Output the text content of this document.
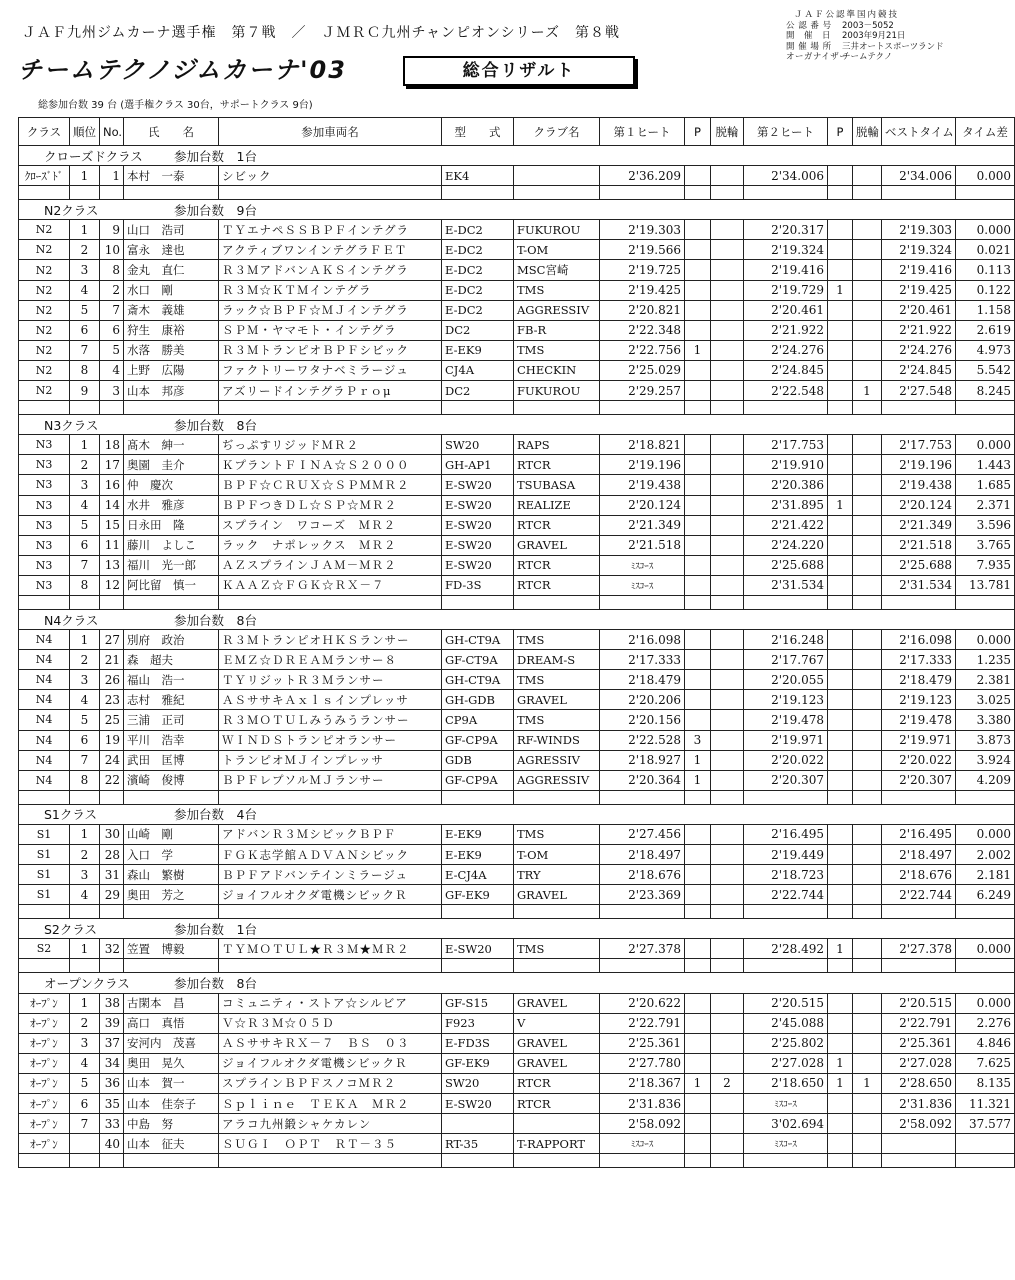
ＪＡＦ九州ジムカーナ選手権　第７戦　／　ＪＭＲＣ九州チャンピオンシリーズ　第８戦
チームテクノジムカーナ'03	総合リザルト
ＪＡＦ公認準国内競技
公 認 番 号	2003－5052
開　催　日	2003年9月21日
開 催 場 所	三井オートスポーツランド
オーガナイザー
チームテクノ
総参加台数 39 台 (選手権クラス 30台，サポートクラス 9台)
クラス	順位	No.	氏　　名	参加車両名	型　　式	クラブ名	第１ヒート	P	脱輪	第２ヒート	P	脱輪	ベストタイム	タイム差
クローズドクラス 参加台数　1台														
ｸﾛｰｽﾞﾄﾞ	1	1	本村　一泰	シビック	EK4		2'36.209			2'34.006			2'34.006	0.000

N2クラス 参加台数　9台														
N2	1	9	山口　浩司	ＴＹエナペＳＳＢＰＦインテグラ	E-DC2	FUKUROU	2'19.303			2'20.317			2'19.303	0.000
N2	2	10	富永　達也	アクティブワンインテグラＦＥＴ	E-DC2	T-OM	2'19.566			2'19.324			2'19.324	0.021
N2	3	8	金丸　直仁	Ｒ３ＭアドバンＡＫＳインテグラ	E-DC2	MSC宮崎	2'19.725			2'19.416			2'19.416	0.113
N2	4	2	水口　剛	Ｒ３Ｍ☆ＫＴＭインテグラ	E-DC2	TMS	2'19.425			2'19.729	1		2'19.425	0.122
N2	5	7	斎木　義雄	ラック☆ＢＰＦ☆ＭＪインテグラ	E-DC2	AGGRESSIV	2'20.821			2'20.461			2'20.461	1.158
N2	6	6	狩生　康裕	ＳＰＭ・ヤマモト・インテグラ	DC2	FB-R	2'22.348			2'21.922			2'21.922	2.619
N2	7	5	水落　勝美	Ｒ３ＭトランピオＢＰＦシビック	E-EK9	TMS	2'22.756	1		2'24.276			2'24.276	4.973
N2	8	4	上野　広陽	ファクトリーワタナベミラージュ	CJ4A	CHECKIN	2'25.029			2'24.845			2'24.845	5.542
N2	9	3	山本　邦彦	アズリードインテグラＰｒｏμ	DC2	FUKUROU	2'29.257			2'22.548		1	2'27.548	8.245

N3クラス 参加台数　8台														
N3	1	18	髙木　紳一	ぢっぷすリジッドＭＲ２	SW20	RAPS	2'18.821			2'17.753			2'17.753	0.000
N3	2	17	奥園　圭介	ＫプラントＦＩＮＡ☆Ｓ２０００	GH-AP1	RTCR	2'19.196			2'19.910			2'19.196	1.443
N3	3	16	仲　慶次	ＢＰＦ☆ＣＲＵＸ☆ＳＰＭＭＲ２	E-SW20	TSUBASA	2'19.438			2'20.386			2'19.438	1.685
N3	4	14	水井　雅彦	ＢＰＦつきＤＬ☆ＳＰ☆ＭＲ２	E-SW20	REALIZE	2'20.124			2'31.895	1		2'20.124	2.371
N3	5	15	日永田　隆	スプライン　ワコーズ　ＭＲ２	E-SW20	RTCR	2'21.349			2'21.422			2'21.349	3.596
N3	6	11	藤川　よしこ	ラック　ナポレックス　ＭＲ２	E-SW20	GRAVEL	2'21.518			2'24.220			2'21.518	3.765
N3	7	13	福川　光一郎	ＡＺスプラインＪＡＭ－ＭＲ２	E-SW20	RTCR	ﾐｽｺｰｽ			2'25.688			2'25.688	7.935
N3	8	12	阿比留　慎一	ＫＡＡＺ☆ＦＧＫ☆ＲＸ－７	FD-3S	RTCR	ﾐｽｺｰｽ			2'31.534			2'31.534	13.781

N4クラス 参加台数　8台														
N4	1	27	別府　政治	Ｒ３ＭトランピオＨＫＳランサー	GH-CT9A	TMS	2'16.098			2'16.248			2'16.098	0.000
N4	2	21	森　超夫	ＥＭＺ☆ＤＲＥＡＭランサー８	GF-CT9A	DREAM-S	2'17.333			2'17.767			2'17.333	1.235
N4	3	26	福山　浩一	ＴＹリジットＲ３Ｍランサー	GH-CT9A	TMS	2'18.479			2'20.055			2'18.479	2.381
N4	4	23	志村　雅紀	ＡＳササキＡｘｌｓインプレッサ	GH-GDB	GRAVEL	2'20.206			2'19.123			2'19.123	3.025
N4	5	25	三浦　正司	Ｒ３ＭＯＴＵＬみうみうランサー	CP9A	TMS	2'20.156			2'19.478			2'19.478	3.380
N4	6	19	平川　浩幸	ＷＩＮＤＳトランピオランサー	GF-CP9A	RF-WINDS	2'22.528	3		2'19.971			2'19.971	3.873
N4	7	24	武田　匡博	トランピオＭＪインプレッサ	GDB	AGRESSIV	2'18.927	1		2'20.022			2'20.022	3.924
N4	8	22	濱崎　俊博	ＢＰＦレプソルＭＪランサー	GF-CP9A	AGGRESSIV	2'20.364	1		2'20.307			2'20.307	4.209

S1クラス 参加台数　4台														
S1	1	30	山崎　剛	アドバンＲ３ＭシビックＢＰＦ	E-EK9	TMS	2'27.456			2'16.495			2'16.495	0.000
S1	2	28	入口　学	ＦＧＫ志学館ＡＤＶＡＮシビック	E-EK9	T-OM	2'18.497			2'19.449			2'18.497	2.002
S1	3	31	森山　繁樹	ＢＰＦアドバンテインミラージュ	E-CJ4A	TRY	2'18.676			2'18.723			2'18.676	2.181
S1	4	29	奥田　芳之	ジョイフルオクダ電機シビックＲ	GF-EK9	GRAVEL	2'23.369			2'22.744			2'22.744	6.249

S2クラス 参加台数　1台														
S2	1	32	笠置　博毅	ＴＹＭＯＴＵＬ★Ｒ３Ｍ★ＭＲ２	E-SW20	TMS	2'27.378			2'28.492	1		2'27.378	0.000

オープンクラス 参加台数　8台														
ｵｰﾌﾟﾝ	1	38	古閑本　昌	コミュニティ・ストア☆シルビア	GF-S15	GRAVEL	2'20.622			2'20.515			2'20.515	0.000
ｵｰﾌﾟﾝ	2	39	高口　真悟	Ｖ☆Ｒ３Ｍ☆０５Ｄ	F923	V	2'22.791			2'45.088			2'22.791	2.276
ｵｰﾌﾟﾝ	3	37	安河内　茂喜	ＡＳササキＲＸ－７　ＢＳ　０３	E-FD3S	GRAVEL	2'25.361			2'25.802			2'25.361	4.846
ｵｰﾌﾟﾝ	4	34	奥田　晃久	ジョイフルオクダ電機シビックＲ	GF-EK9	GRAVEL	2'27.780			2'27.028	1		2'27.028	7.625
ｵｰﾌﾟﾝ	5	36	山本　賀一	スプラインＢＰＦスノコＭＲ２	SW20	RTCR	2'18.367	1	2	2'18.650	1	1	2'28.650	8.135
ｵｰﾌﾟﾝ	6	35	山本　佳奈子	Ｓｐｌｉｎｅ　ＴＥＫＡ　ＭＲ２	E-SW20	RTCR	2'31.836			ﾐｽｺｰｽ			2'31.836	11.321
ｵｰﾌﾟﾝ	7	33	中島　努	アラコ九州鍛シャケカレン			2'58.092			3'02.694			2'58.092	37.577
ｵｰﾌﾟﾝ		40	山本　征夫	ＳＵＧＩ　ＯＰＴ　ＲＴ－３５	RT-35	T-RAPPORT	ﾐｽｺｰｽ			ﾐｽｺｰｽ				
